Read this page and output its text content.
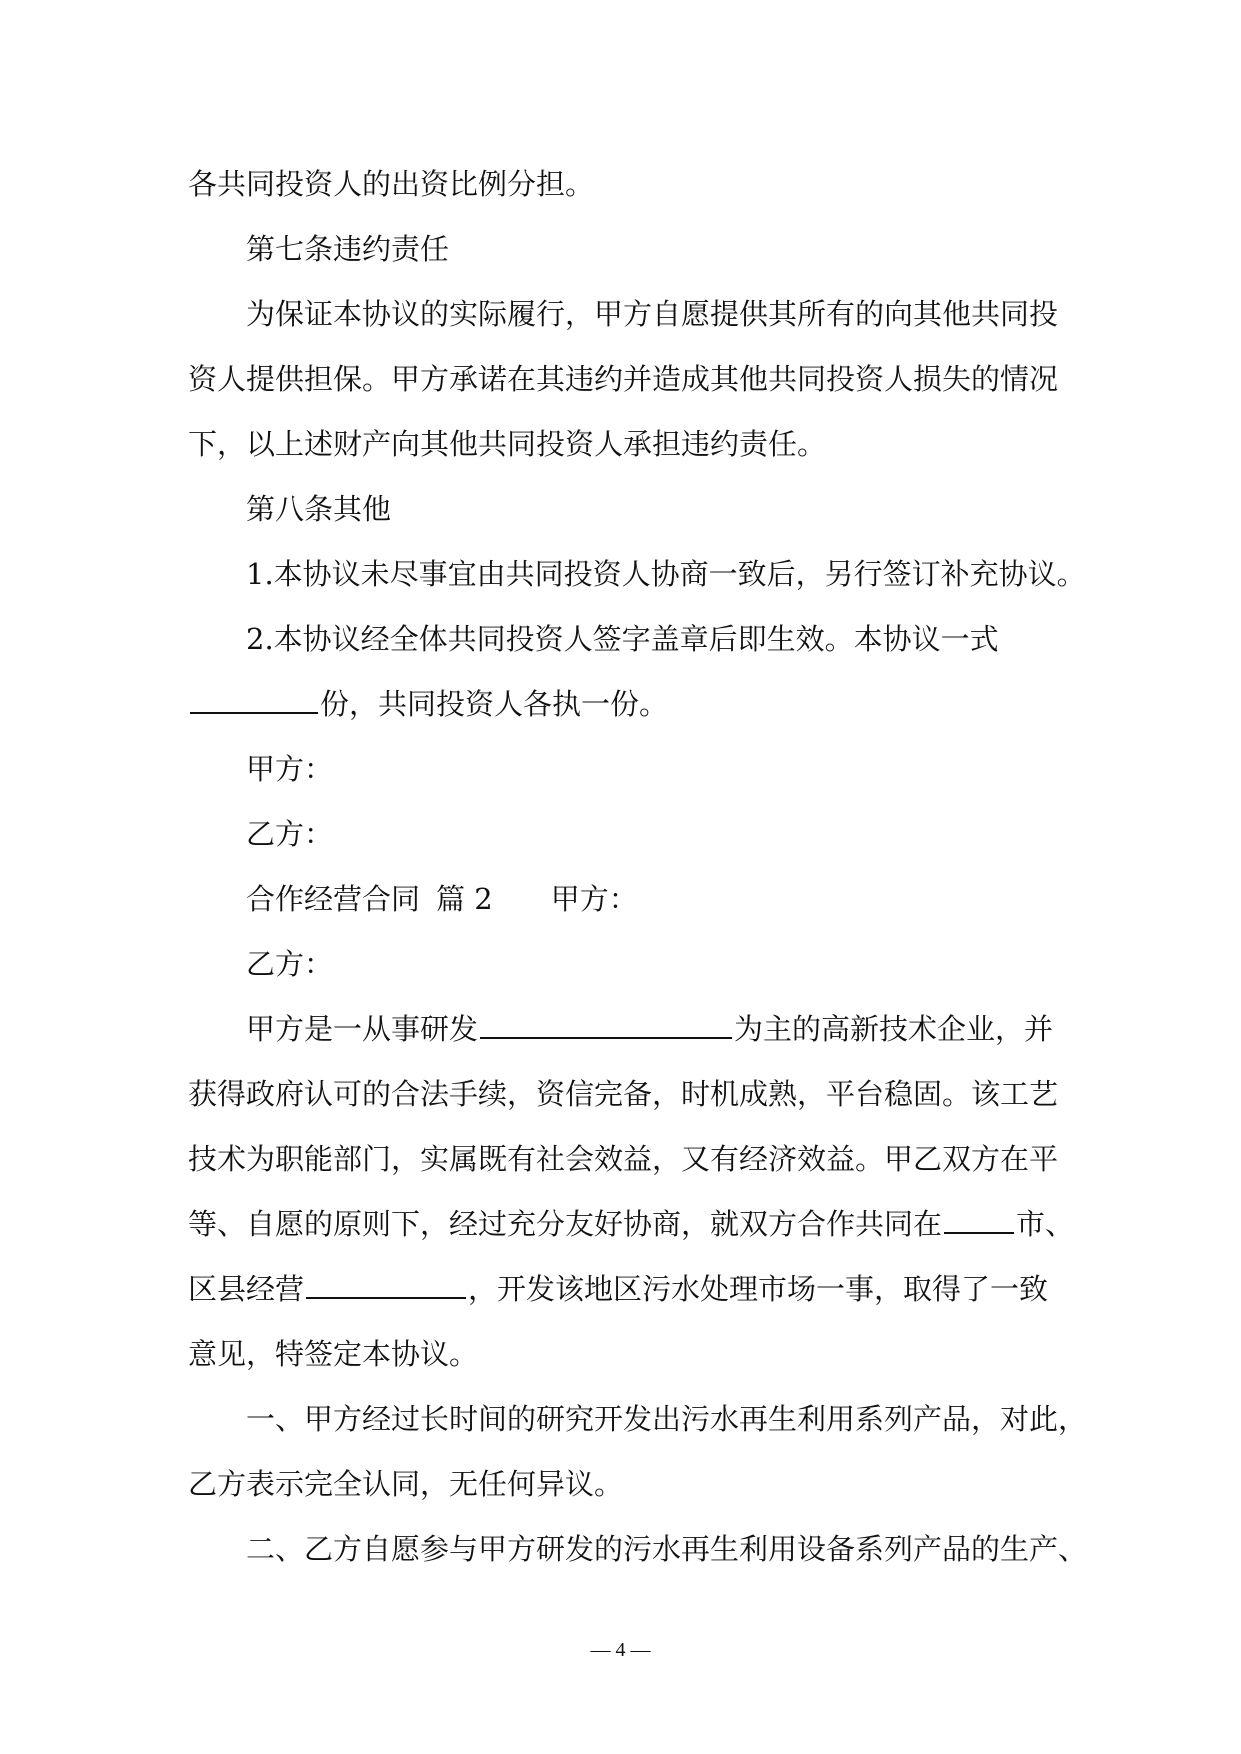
各共同投资人的出资比例分担。
第七条违约责任
为保证本协议的实际履行，甲方自愿提供其所有的向其他共同投
资人提供担保。甲方承诺在其违约并造成其他共同投资人损失的情况
下，以上述财产向其他共同投资人承担违约责任。
第八条其他
1.本协议未尽事宜由共同投资人协商一致后，另行签订补充协议。
2.本协议经全体共同投资人签字盖章后即生效。本协议一式
份，共同投资人各执一份。
甲方：
乙方：
合作经营合同 篇 2 甲方：
乙方：
甲方是一从事研发	为主的高新技术企业，并
获得政府认可的合法手续，资信完备，时机成熟，平台稳固。该工艺
技术为职能部门，实属既有社会效益，又有经济效益。甲乙双方在平
等、自愿的原则下，经过充分友好协商，就双方合作共同在	市、
区县经营	，开发该地区污水处理市场一事，取得了一致
意见，特签定本协议。
一、甲方经过长时间的研究开发出污水再生利用系列产品，对此，
乙方表示完全认同，无任何异议。
二、乙方自愿参与甲方研发的污水再生利用设备系列产品的生产、
— 4 —
